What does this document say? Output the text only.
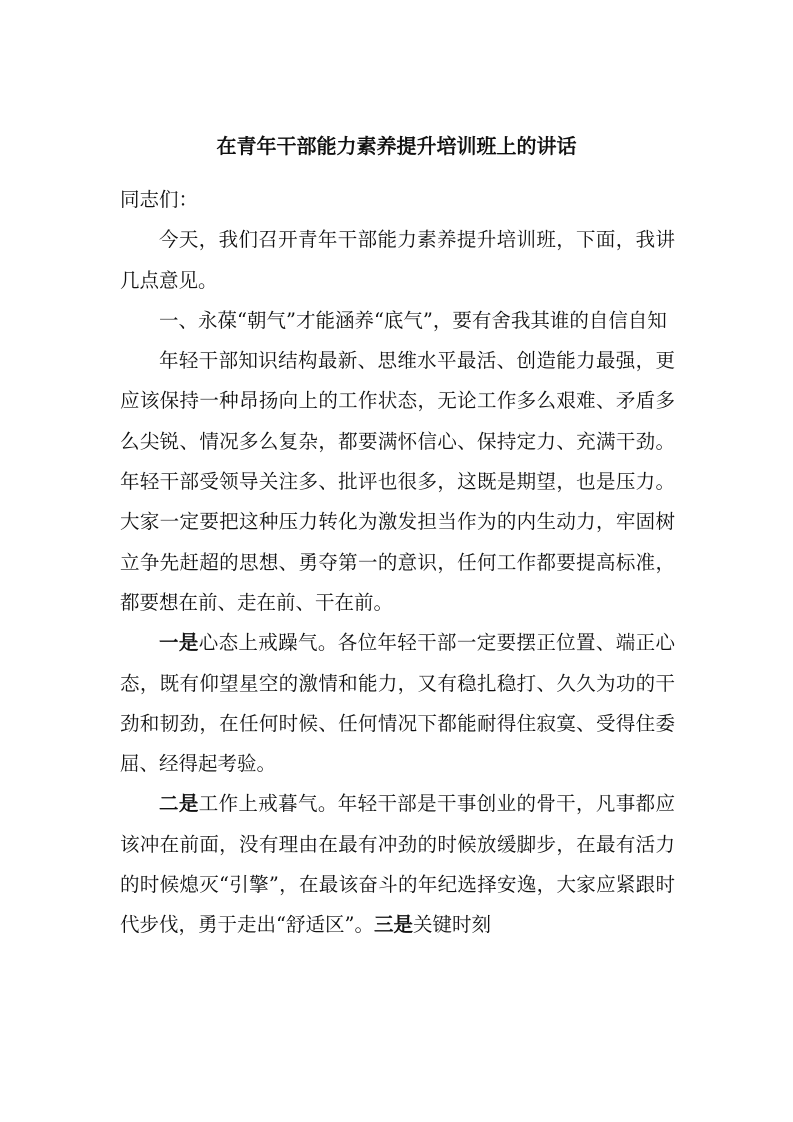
在青年干部能力素养提升培训班上的讲话

同志们：

今天，我们召开青年干部能力素养提升培训班，下面，我讲几点意见。

一、永葆“朝气”才能涵养“底气”，要有舍我其谁的自信自知

年轻干部知识结构最新、思维水平最活、创造能力最强，更应该保持一种昂扬向上的工作状态，无论工作多么艰难、矛盾多么尖锐、情况多么复杂，都要满怀信心、保持定力、充满干劲。年轻干部受领导关注多、批评也很多，这既是期望，也是压力。大家一定要把这种压力转化为激发担当作为的内生动力，牢固树立争先赶超的思想、勇夺第一的意识，任何工作都要提高标准，都要想在前、走在前、干在前。

一是心态上戒躁气。各位年轻干部一定要摆正位置、端正心态，既有仰望星空的激情和能力，又有稳扎稳打、久久为功的干劲和韧劲，在任何时候、任何情况下都能耐得住寂寞、受得住委屈、经得起考验。

二是工作上戒暮气。年轻干部是干事创业的骨干，凡事都应该冲在前面，没有理由在最有冲劲的时候放缓脚步，在最有活力的时候熄灭“引擎”，在最该奋斗的年纪选择安逸，大家应紧跟时代步伐，勇于走出“舒适区”。三是关键时刻
